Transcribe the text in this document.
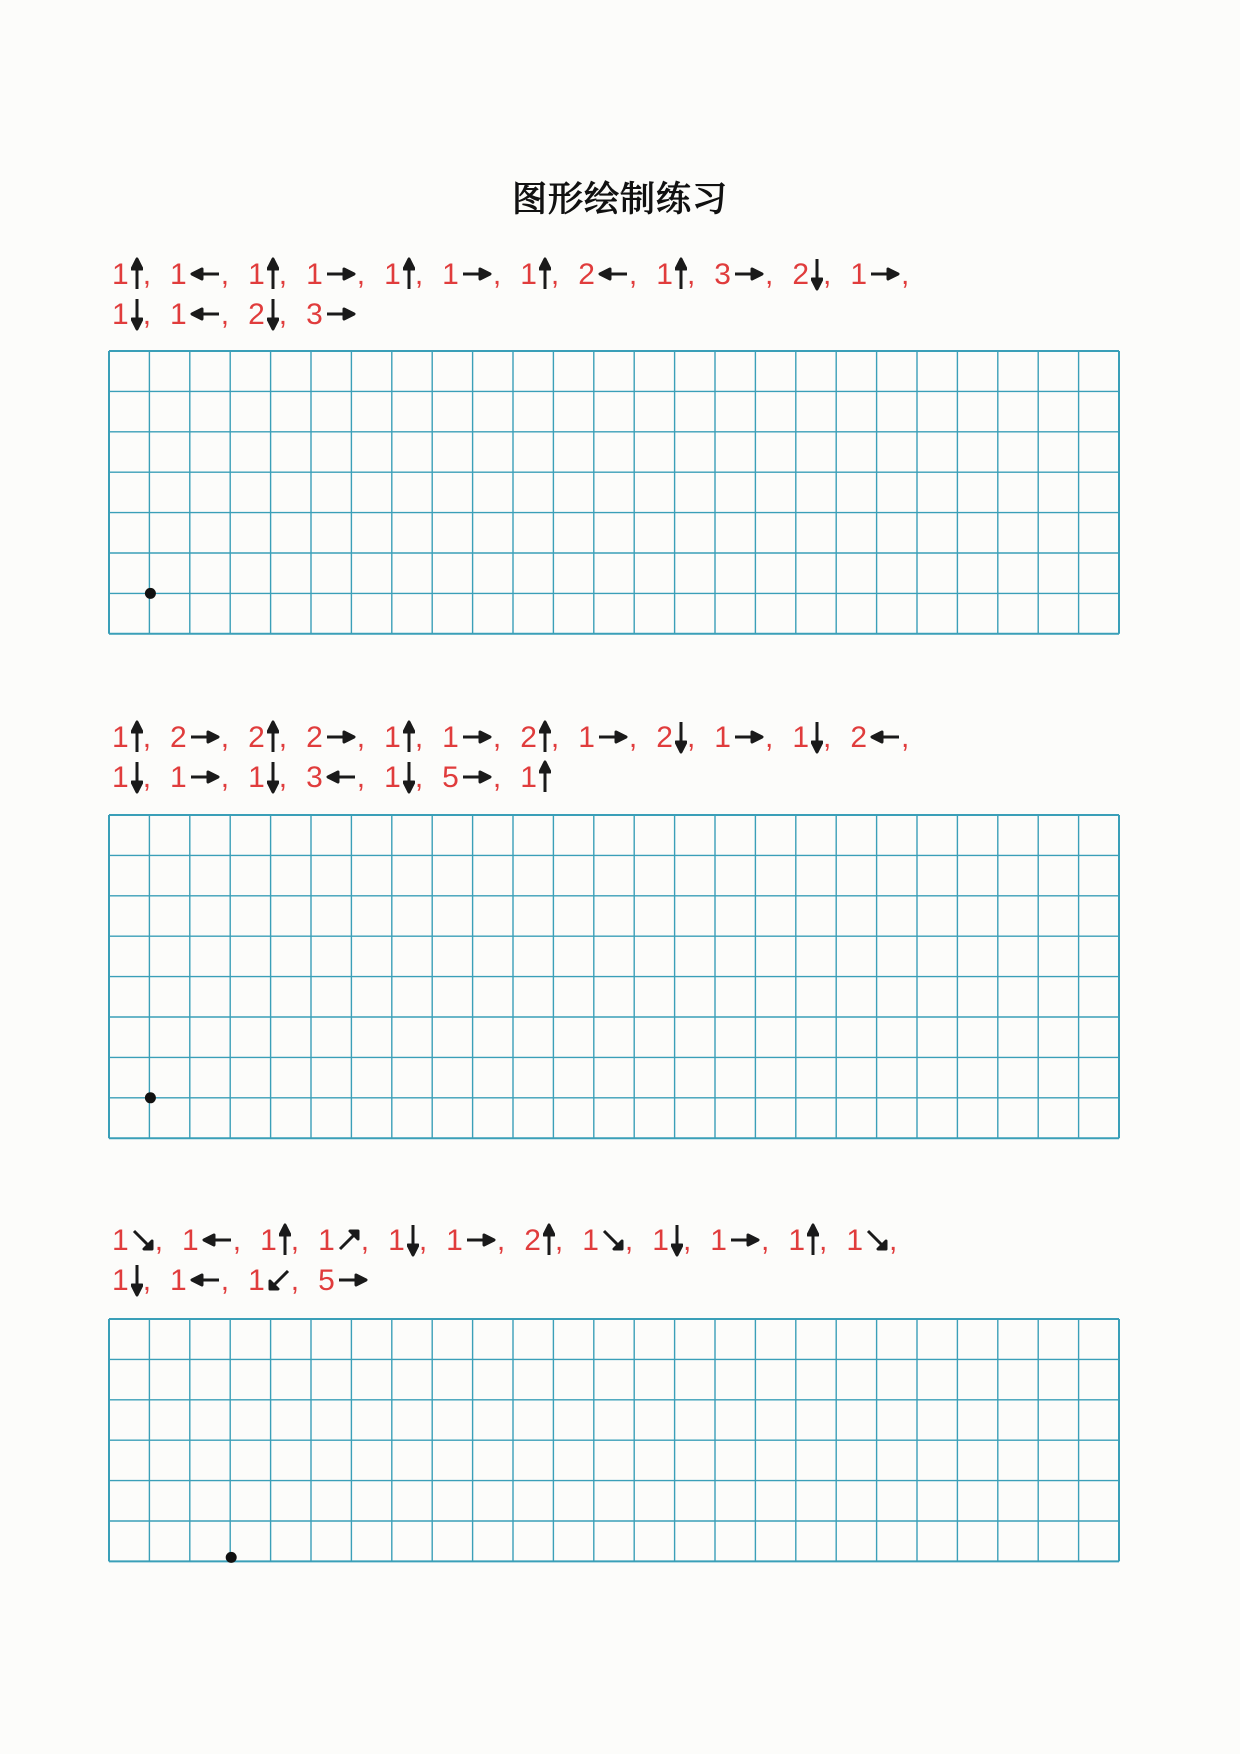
图形绘制练习
1 , 1 , 1 , 1 , 1 , 1 , 1 , 2 , 1 , 3 , 2 , 1 ,
1 , 1 , 2 , 3
1 , 2 , 2 , 2 , 1 , 1 , 2 , 1 , 2 , 1 , 1 , 2 ,
1 , 1 , 1 , 3 , 1 , 5 , 1
1 , 1 , 1 , 1 , 1 , 1 , 2 , 1 , 1 , 1 , 1 , 1 ,
1 , 1 , 1 , 5
